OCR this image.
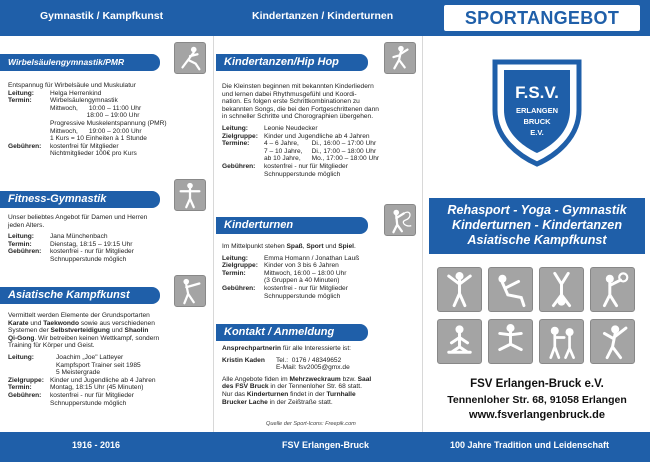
Gymnastik / Kampfkunst	Kindertanzen / Kinderturnen	SPORTANGEBOT
Wirbelsäulengymnastik/PMR
Entspannug für Wirbelsäule und Muskulatur
Leitung:	Helga Herrenkind
Termin:	Wirbelsäulengymnastik
Mittwoch,      10:00 – 11:00 Uhr
18:00 – 19:00 Uhr
Progressive Muskelentspannung (PMR)
Mittwoch,      19:00 – 20:00 Uhr
1 Kurs = 10 Einheiten à 1 Stunde
Gebühren:	kostenfrei für Mitglieder
Nichtmitglieder 100€ pro Kurs
Fitness-Gymnastik
Unser beliebtes Angebot für Damen und Herren
jeden Alters.
Leitung:	Jana Münchenbach
Termin:	Dienstag, 18:15 – 19:15 Uhr
Gebühren:	kostenfrei - nur für Mitglieder
Schnupperstunde möglich
Asiatische Kampfkunst
Vermittelt werden Elemente der Grundsportarten
Karate und Taekwondo sowie aus verschiedenen
Systemen der Selbstverteidigung und Shaolin
Qi-Gong. Wir betreiben keinen Wettkampf, sondern
Training für Körper und Geist.
Leitung:	Joachim „Joe" Latteyer
Kampfsport Trainer seit 1985
5 Meistergrade
Zielgruppe: Kinder und Jugendliche ab 4 Jahren
Termin:	Montag, 18:15 Uhr (45 Minuten)
Gebühren:	kostenfrei - nur für Mitglieder
Schnupperstunde möglich
Kindertanzen/Hip Hop
Die Kleinsten beginnen mit bekannten Kinderliedern
und lernen dabei Rhythmusgefühl und Koordi-
nation. Es folgen erste Schrittkombinationen zu
bekannten Songs, die bei den Fortgeschrittenen dann
in schneller Schritte und Chorographien übergehen.
Leitung:	Leonie Neudecker
Zielgruppe: Kinder und Jugendliche ab 4 Jahren
Termine:	4 – 6 Jahre,       Di., 16:00 – 17:00 Uhr
7 – 10 Jahre,     Di., 17:00 – 18:00 Uhr
ab 10 Jahre,      Mo., 17:00 – 18:00 Uhr
Gebühren:	kostenfrei - nur für Mitglieder
Schnupperstunde möglich
Kinderturnen
Im Mittelpunkt stehen Spaß, Sport und Spiel.
Leitung:	Emma Homann / Jonathan Lauß
Zielgruppe: Kinder von 3 bis 6 Jahren
Termin:	Mittwoch, 16:00 – 18:00 Uhr
(3 Gruppen à 40 Minuten)
Gebühren:	kostenfrei - nur für Mitglieder
Schnupperstunde möglich
Kontakt / Anmeldung
Ansprechpartnerin für alle Interessierte ist:
Kristin Kaden	Tel.:  0176 / 48349652
E-Mail: fsv2005@gmx.de
Alle Angebote fiden im Mehrzweckraum bzw. Saal
des FSV Bruck in der Tennenloher Str. 68 statt.
Nur das Kinderturnen findet in der Turnhalle
Brucker Lache in der Zeißtraße statt.
Quelle der Sport-Icons: Freepik.com
F.S.V.
ERLANGEN
BRUCK
E.V.
Rehasport - Yoga - Gymnastik
Kinderturnen - Kindertanzen
Asiatische Kampfkunst
FSV Erlangen-Bruck e.V.
Tennenloher Str. 68, 91058 Erlangen
www.fsverlangenbruck.de
1916 - 2016	FSV Erlangen-Bruck	100 Jahre Tradition und Leidenschaft
